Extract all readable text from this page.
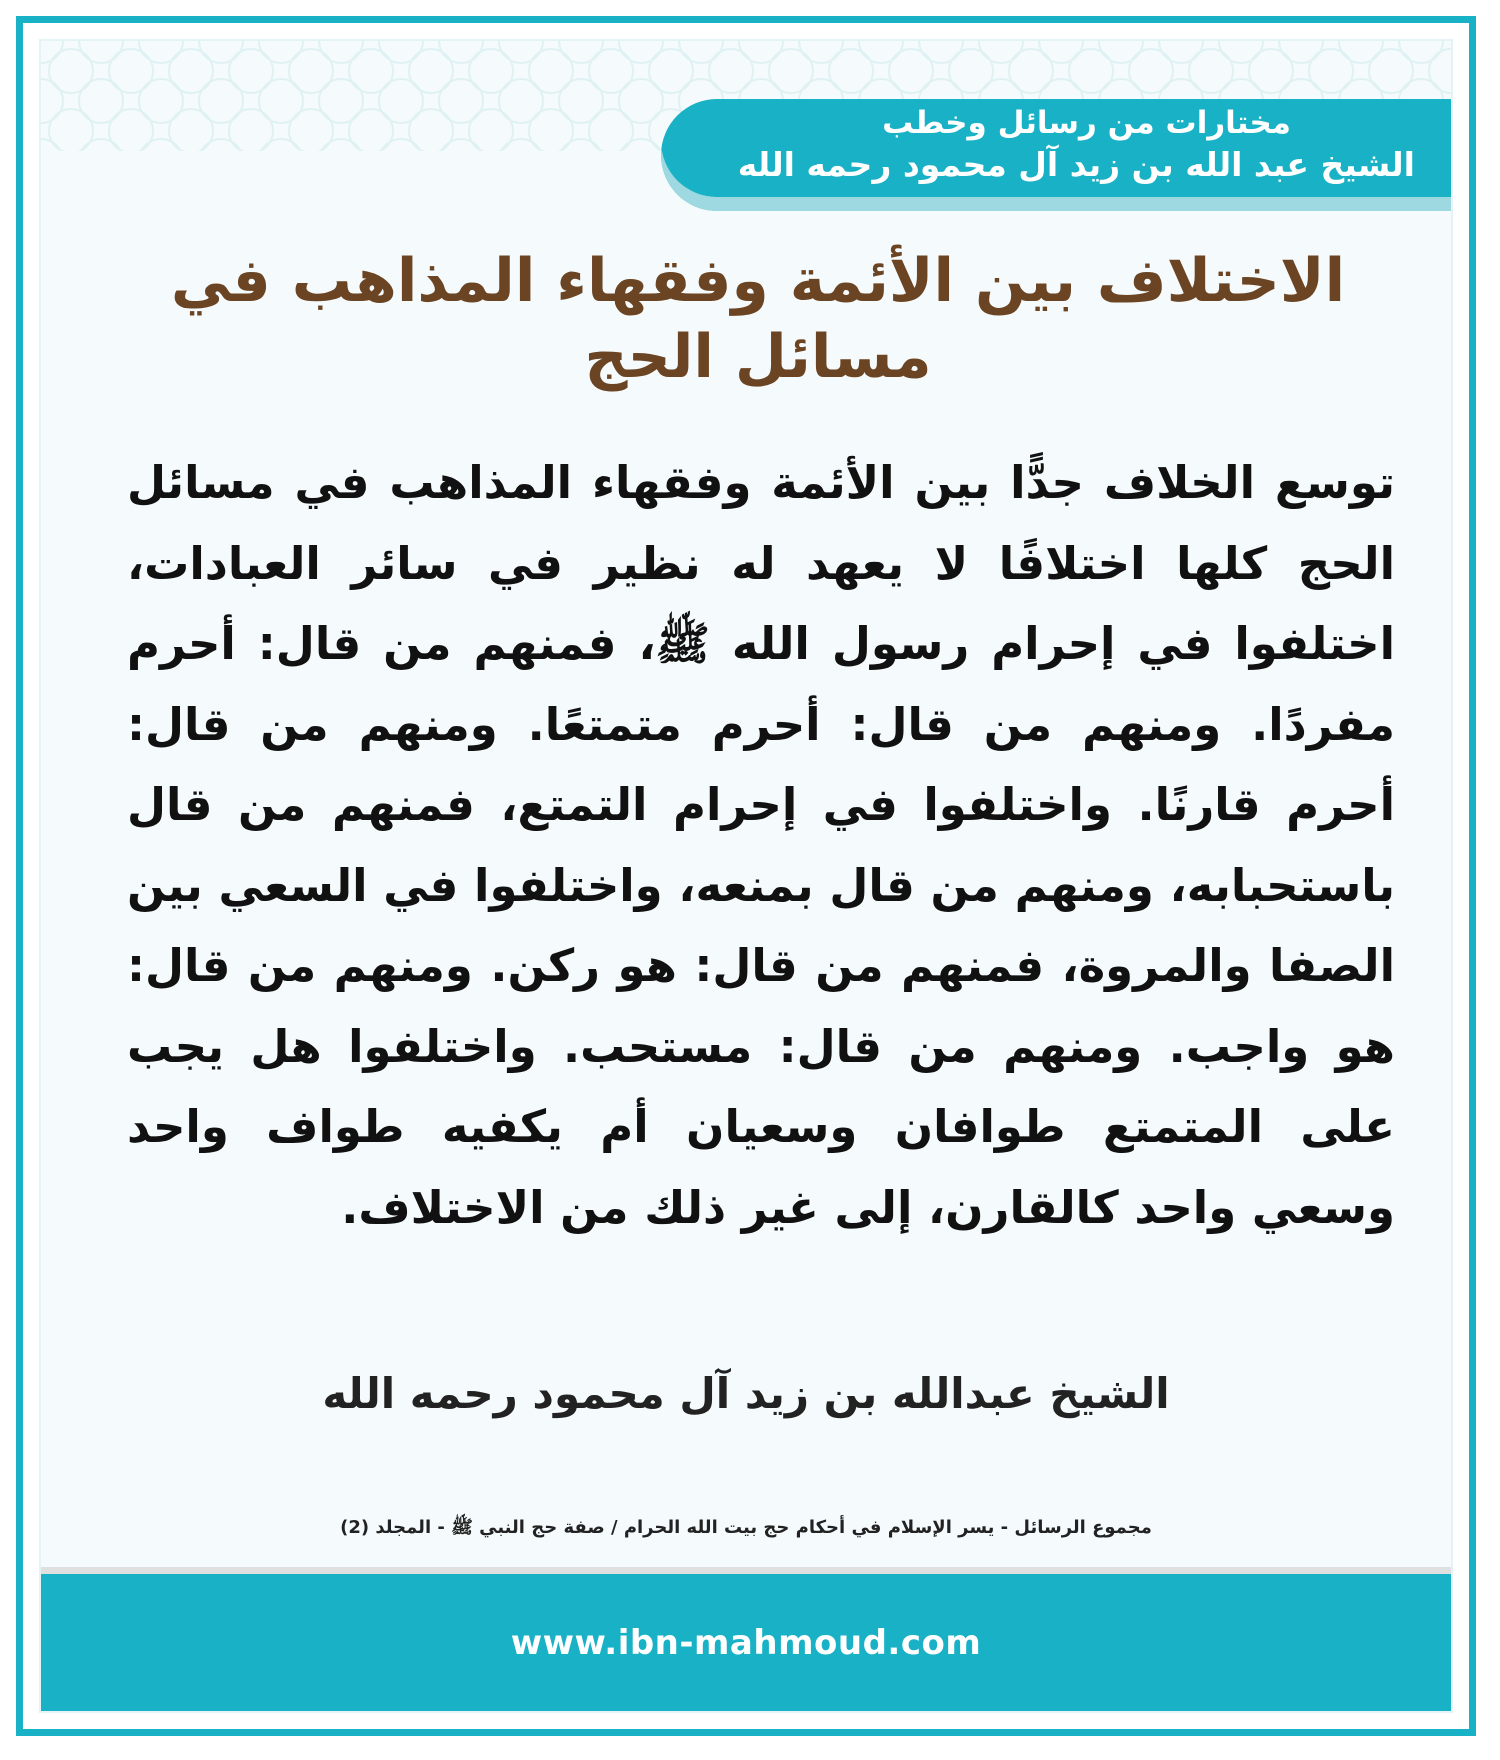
مختارات من رسائل وخطب
الشيخ عبد الله بن زيد آل محمود رحمه الله
الاختلاف بين الأئمة وفقهاء المذاهب في مسائل الحج
توسع الخلاف جدًّا بين الأئمة وفقهاء المذاهب في مسائل الحج كلها اختلافًا لا يعهد له نظير في سائر العبادات، اختلفوا في إحرام رسول الله ﷺ، فمنهم من قال: أحرم مفردًا. ومنهم من قال: أحرم متمتعًا. ومنهم من قال: أحرم قارنًا. واختلفوا في إحرام التمتع، فمنهم من قال باستحبابه، ومنهم من قال بمنعه، واختلفوا في السعي بين الصفا والمروة، فمنهم من قال: هو ركن. ومنهم من قال: هو واجب. ومنهم من قال: مستحب. واختلفوا هل يجب على المتمتع طوافان وسعيان أم يكفيه طواف واحد وسعي واحد كالقارن، إلى غير ذلك من الاختلاف.
الشيخ عبدالله بن زيد آل محمود رحمه الله
مجموع الرسائل - يسر الإسلام في أحكام حج بيت الله الحرام / صفة حج النبي ﷺ - المجلد (2)
www.ibn-mahmoud.com
